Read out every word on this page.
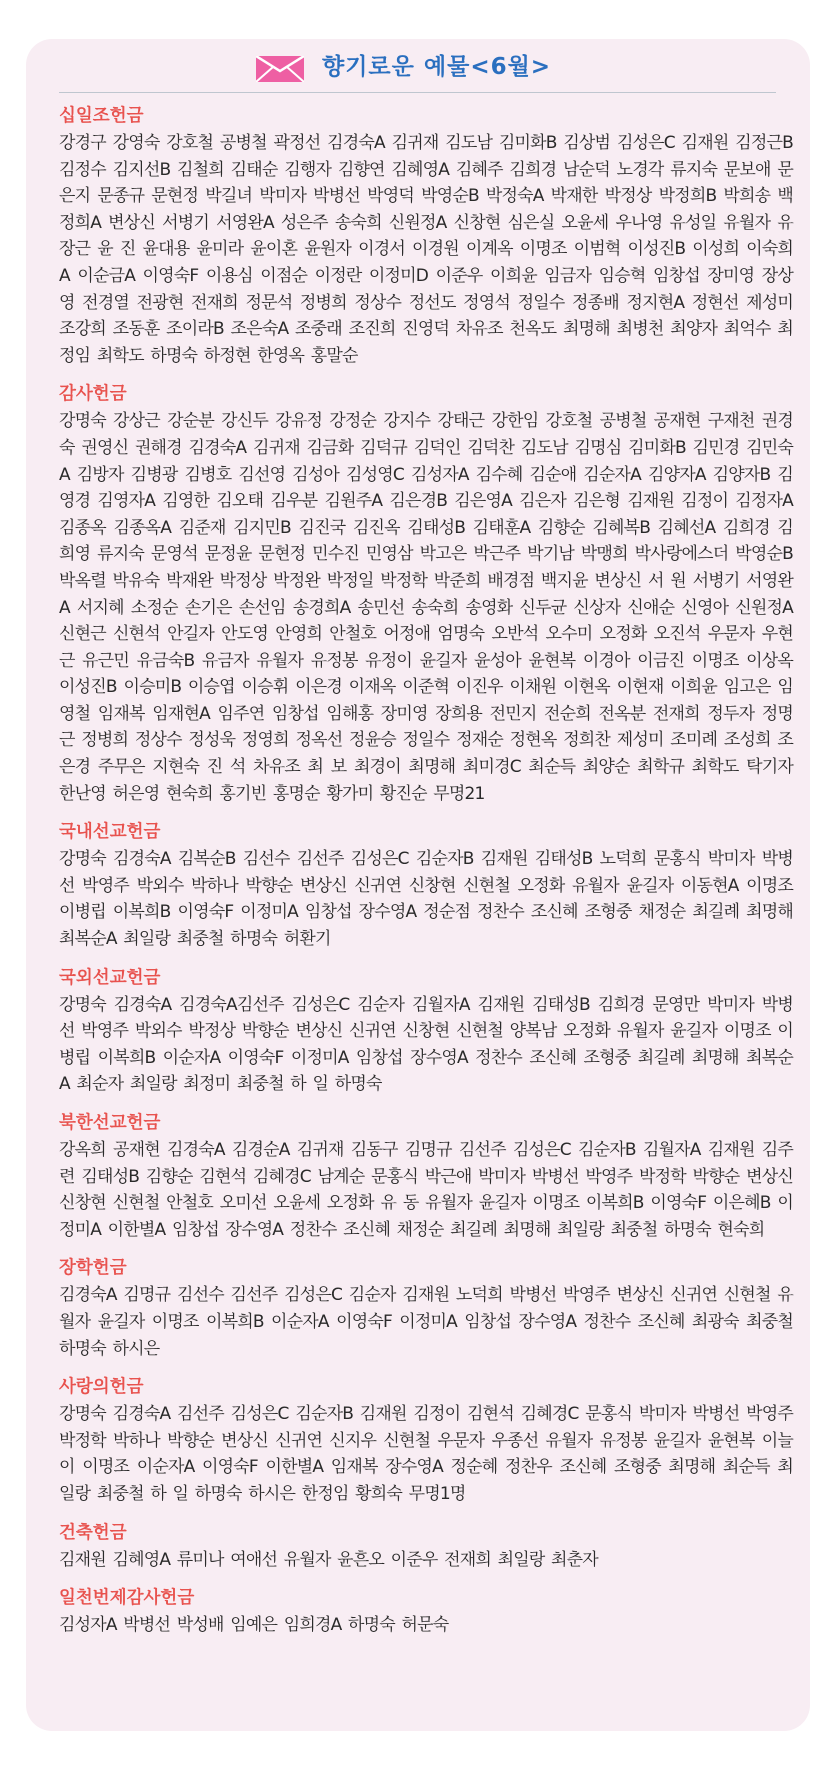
향기로운 예물<6월>
십일조헌금
강경구 강영숙 강호철 공병철 곽정선 김경숙A 김귀재 김도남 김미화B 김상범 김성은C 김재원 김정근B 김정수 김지선B 김철희 김태순 김행자 김향연 김혜영A 김혜주 김희경 남순덕 노경각 류지숙 문보애 문은지 문종규 문현정 박길녀 박미자 박병선 박영덕 박영순B 박정숙A 박재한 박정상 박정희B 박희송 백정희A 변상신 서병기 서영완A 성은주 송숙희 신원정A 신창현 심은실 오윤세 우나영 유성일 유월자 유장근 윤 진 윤대용 윤미라 윤이혼 윤원자 이경서 이경원 이계옥 이명조 이범혁 이성진B 이성희 이숙희A 이순금A 이영숙F 이용심 이점순 이정란 이정미D 이준우 이희윤 임금자 임승혁 임창섭 장미영 장상영 전경열 전광현 전재희 정문석 정병희 정상수 정선도 정영석 정일수 정종배 정지현A 정현선 제성미 조강희 조동훈 조이라B 조은숙A 조중래 조진희 진영덕 차유조 천옥도 최명해 최병천 최양자 최억수 최정임 최학도 하명숙 하정현 한영옥 홍말순
감사헌금
강명숙 강상근 강순분 강신두 강유정 강정순 강지수 강태근 강한임 강호철 공병철 공재현 구재천 권경숙 권영신 권해경 김경숙A 김귀재 김금화 김덕규 김덕인 김덕찬 김도남 김명심 김미화B 김민경 김민숙A 김방자 김병광 김병호 김선영 김성아 김성영C 김성자A 김수혜 김순애 김순자A 김양자A 김양자B 김영경 김영자A 김영한 김오태 김우분 김원주A 김은경B 김은영A 김은자 김은형 김재원 김정이 김정자A 김종옥 김종옥A 김준재 김지민B 김진국 김진옥 김태성B 김태훈A 김향순 김혜복B 김혜선A 김희경 김희영 류지숙 문영석 문정윤 문현정 민수진 민영삼 박고은 박근주 박기남 박맹희 박사랑에스더 박영순B 박옥렬 박유숙 박재완 박정상 박정완 박정일 박정학 박준희 배경점 백지윤 변상신 서 원 서병기 서영완A 서지혜 소정순 손기은 손선임 송경희A 송민선 송숙희 송영화 신두균 신상자 신애순 신영아 신원정A 신현근 신현석 안길자 안도영 안영희 안철호 어정애 엄명숙 오반석 오수미 오정화 오진석 우문자 우현근 유근민 유금숙B 유금자 유월자 유정봉 유정이 윤길자 윤성아 윤현복 이경아 이금진 이명조 이상옥 이성진B 이승미B 이승엽 이승휘 이은경 이재옥 이준혁 이진우 이채원 이현옥 이현재 이희윤 임고은 임영철 임재복 임재현A 임주연 임창섭 임해홍 장미영 장희용 전민지 전순희 전옥분 전재희 정두자 정명근 정병희 정상수 정성욱 정영희 정옥선 정윤승 정일수 정재순 정현옥 정희찬 제성미 조미례 조성희 조은경 주무은 지현숙 진 석 차유조 최 보 최경이 최명해 최미경C 최순득 최양순 최학규 최학도 탁기자 한난영 허은영 현숙희 홍기빈 홍명순 황가미 황진순 무명21
국내선교헌금
강명숙 김경숙A 김복순B 김선수 김선주 김성은C 김순자B 김재원 김태성B 노덕희 문홍식 박미자 박병선 박영주 박외수 박하나 박향순 변상신 신귀연 신창현 신현철 오정화 유월자 윤길자 이동현A 이명조 이병립 이복희B 이영숙F 이정미A 임창섭 장수영A 정순점 정찬수 조신혜 조형중 채정순 최길례 최명해 최복순A 최일랑 최중철 하명숙 허환기
국외선교헌금
강명숙 김경숙A 김경숙A김선주 김성은C 김순자 김월자A 김재원 김태성B 김희경 문영만 박미자 박병선 박영주 박외수 박정상 박향순 변상신 신귀연 신창현 신현철 양복남 오정화 유월자 윤길자 이명조 이병립 이복희B 이순자A 이영숙F 이정미A 임창섭 장수영A 정찬수 조신혜 조형중 최길례 최명해 최복순A 최순자 최일랑 최정미 최중철 하 일 하명숙
북한선교헌금
강옥희 공재현 김경숙A 김경순A 김귀재 김동구 김명규 김선주 김성은C 김순자B 김월자A 김재원 김주련 김태성B 김향순 김현석 김혜경C 남계순 문홍식 박근애 박미자 박병선 박영주 박정학 박향순 변상신 신창현 신현철 안철호 오미선 오윤세 오정화 유 동 유월자 윤길자 이명조 이복희B 이영숙F 이은혜B 이정미A 이한별A 임창섭 장수영A 정찬수 조신혜 채정순 최길례 최명해 최일랑 최중철 하명숙 현숙희
장학헌금
김경숙A 김명규 김선수 김선주 김성은C 김순자 김재원 노덕희 박병선 박영주 변상신 신귀연 신현철 유월자 윤길자 이명조 이복희B 이순자A 이영숙F 이정미A 임창섭 장수영A 정찬수 조신혜 최광숙 최중철 하명숙 하시은
사랑의헌금
강명숙 김경숙A 김선주 김성은C 김순자B 김재원 김정이 김현석 김혜경C 문홍식 박미자 박병선 박영주 박정학 박하나 박향순 변상신 신귀연 신지우 신현철 우문자 우종선 유월자 유정봉 윤길자 윤현복 이늘이 이명조 이순자A 이영숙F 이한별A 임재복 장수영A 정순혜 정찬우 조신혜 조형중 최명해 최순득 최일랑 최중철 하 일 하명숙 하시은 한정임 황희숙 무명1명
건축헌금
김재원 김혜영A 류미나 여애선 유월자 윤흔오 이준우 전재희 최일랑 최춘자
일천번제감사헌금
김성자A 박병선 박성배 임예은 임희경A 하명숙 허문숙
